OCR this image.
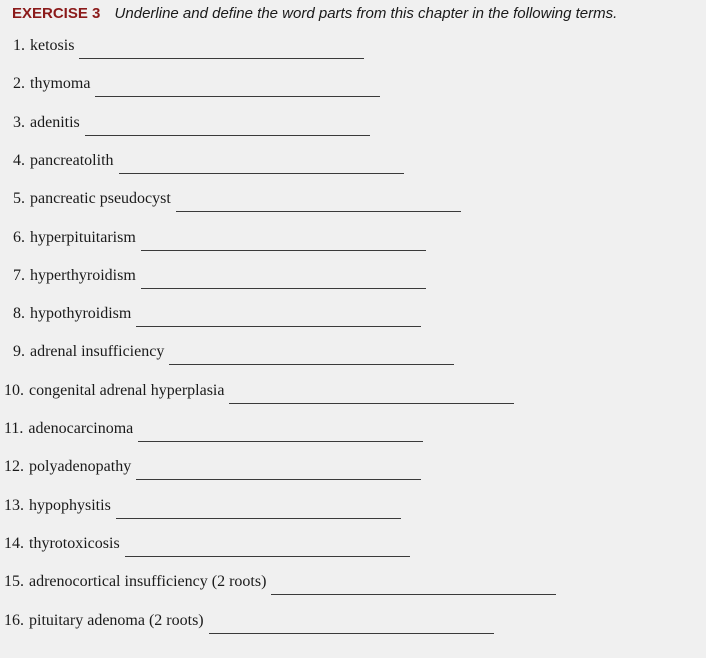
EXERCISE 3 Underline and define the word parts from this chapter in the following terms.
1. ketosis
2. thymoma
3. adenitis
4. pancreatolith
5. pancreatic pseudocyst
6. hyperpituitarism
7. hyperthyroidism
8. hypothyroidism
9. adrenal insufficiency
10. congenital adrenal hyperplasia
11. adenocarcinoma
12. polyadenopathy
13. hypophysitis
14. thyrotoxicosis
15. adrenocortical insufficiency (2 roots)
16. pituitary adenoma (2 roots)
